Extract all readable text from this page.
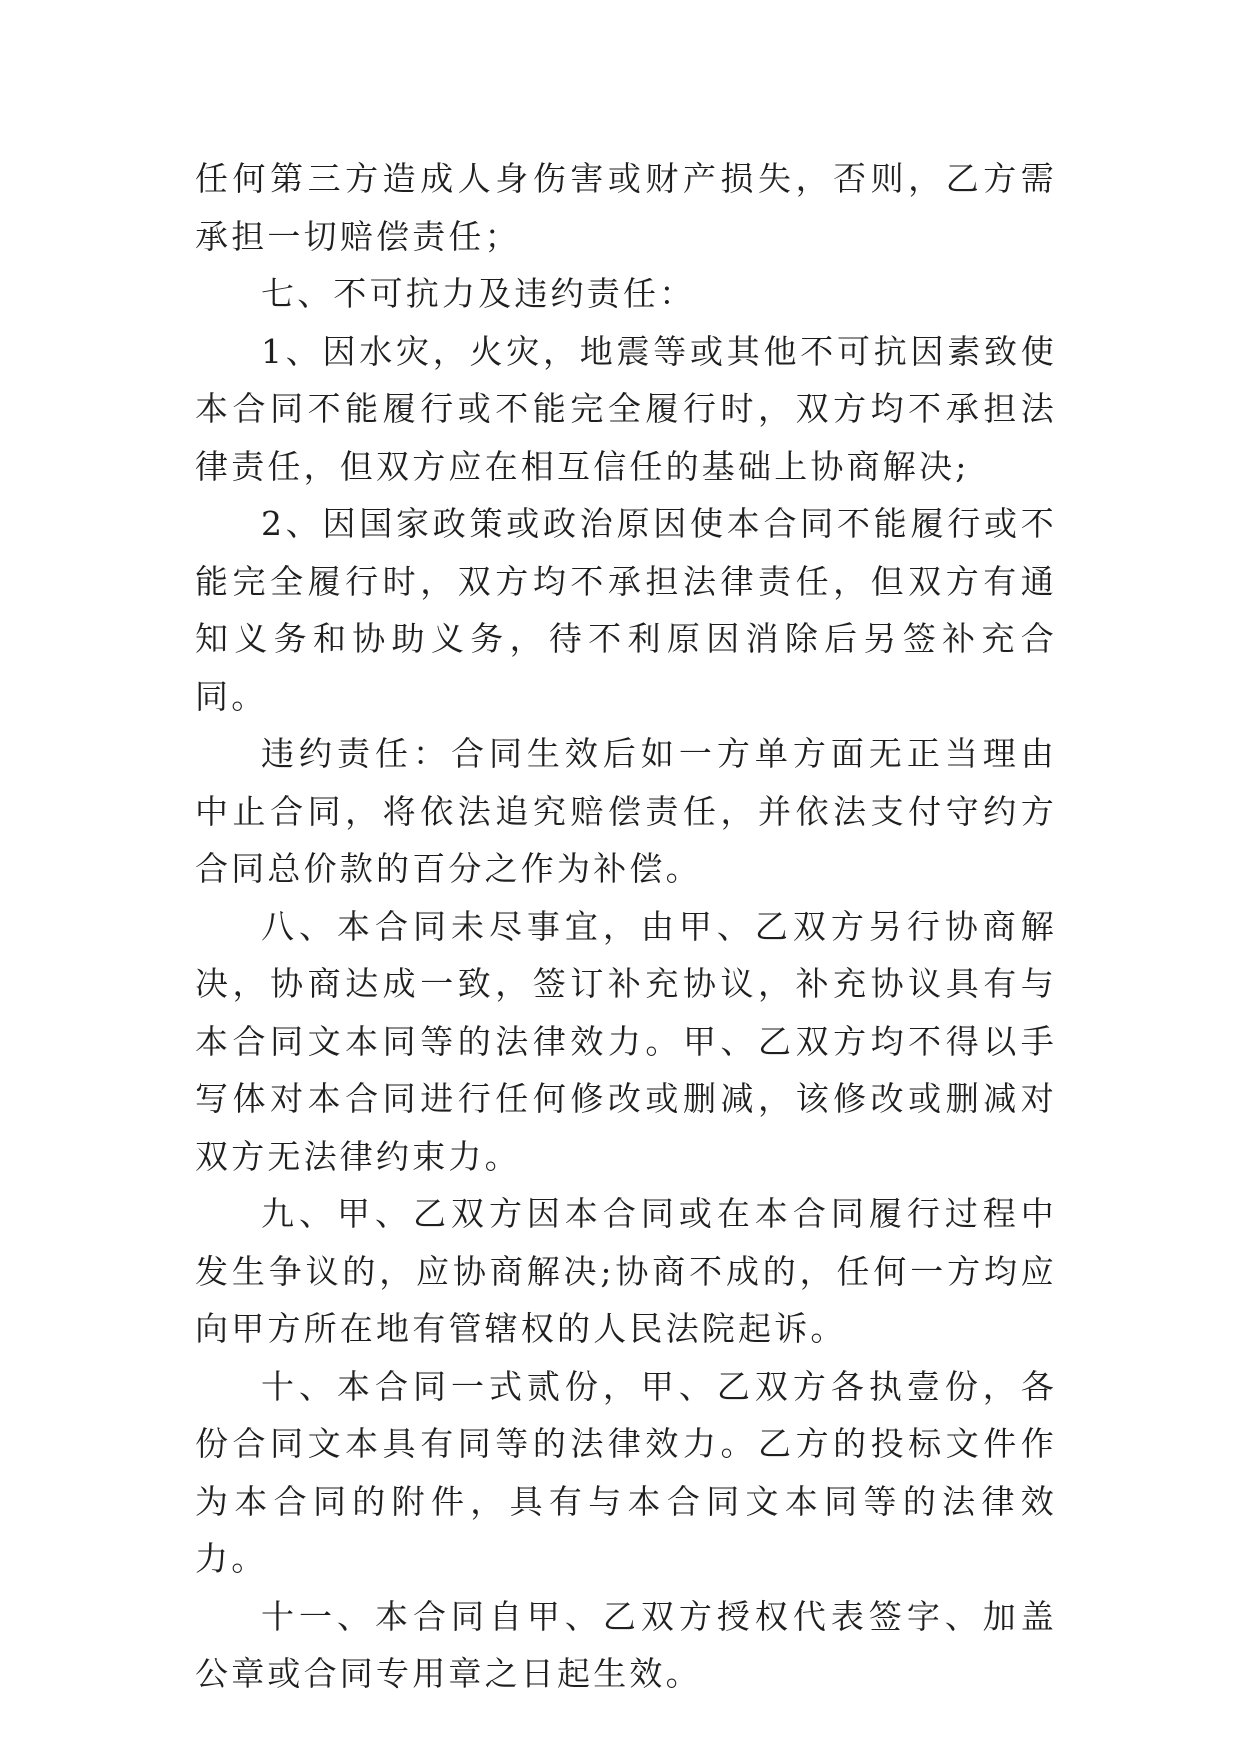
任何第三方造成人身伤害或财产损失，否则，乙方需承担一切赔偿责任；

七、不可抗力及违约责任：

1、因水灾，火灾，地震等或其他不可抗因素致使本合同不能履行或不能完全履行时，双方均不承担法律责任，但双方应在相互信任的基础上协商解决;

2、因国家政策或政治原因使本合同不能履行或不能完全履行时，双方均不承担法律责任，但双方有通知义务和协助义务，待不利原因消除后另签补充合同。

违约责任：合同生效后如一方单方面无正当理由中止合同，将依法追究赔偿责任，并依法支付守约方合同总价款的百分之作为补偿。

八、本合同未尽事宜，由甲、乙双方另行协商解决，协商达成一致，签订补充协议，补充协议具有与本合同文本同等的法律效力。甲、乙双方均不得以手写体对本合同进行任何修改或删减，该修改或删减对双方无法律约束力。

九、甲、乙双方因本合同或在本合同履行过程中发生争议的，应协商解决;协商不成的，任何一方均应向甲方所在地有管辖权的人民法院起诉。

十、本合同一式贰份，甲、乙双方各执壹份，各份合同文本具有同等的法律效力。乙方的投标文件作为本合同的附件，具有与本合同文本同等的法律效力。

十一、本合同自甲、乙双方授权代表签字、加盖公章或合同专用章之日起生效。
